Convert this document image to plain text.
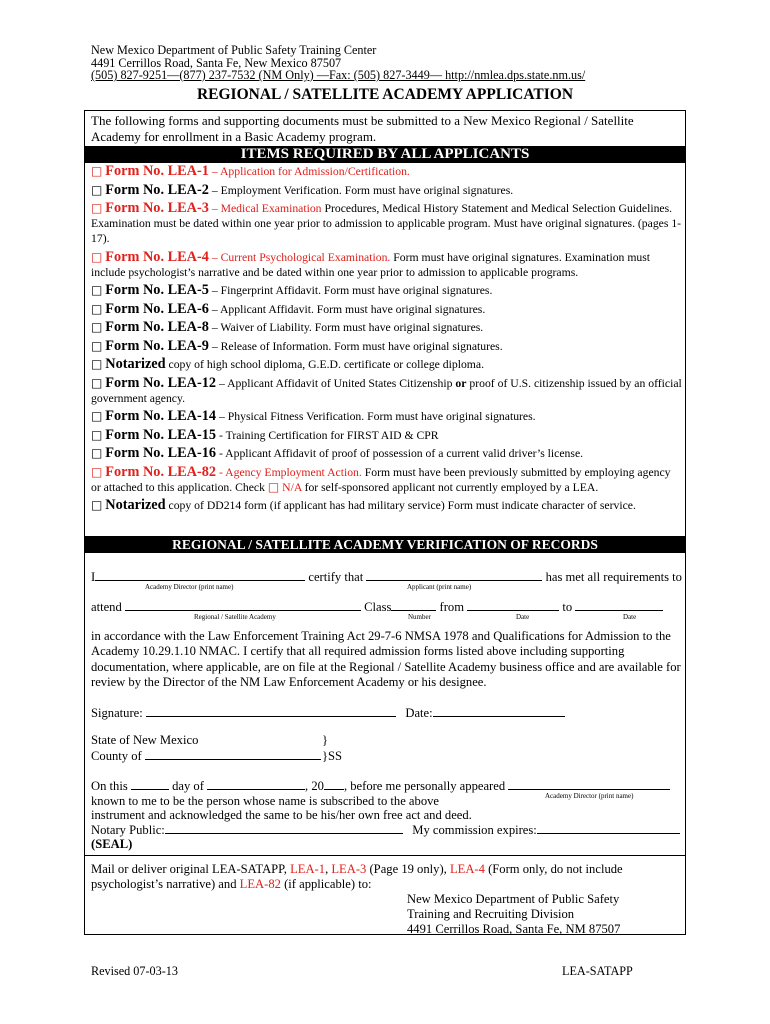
New Mexico Department of Public Safety Training Center
4491 Cerrillos Road, Santa Fe, New Mexico 87507
(505) 827-9251—(877) 237-7532 (NM Only) —Fax: (505) 827-3449— http://nmlea.dps.state.nm.us/
REGIONAL / SATELLITE ACADEMY APPLICATION
The following forms and supporting documents must be submitted to a New Mexico Regional / Satellite Academy for enrollment in a Basic Academy program.
ITEMS REQUIRED BY ALL APPLICANTS
□ Form No. LEA-1 – Application for Admission/Certification.
□ Form No. LEA-2 – Employment Verification. Form must have original signatures.
□ Form No. LEA-3 – Medical Examination Procedures, Medical History Statement and Medical Selection Guidelines. Examination must be dated within one year prior to admission to applicable program. Must have original signatures. (pages 1-17).
□ Form No. LEA-4 – Current Psychological Examination. Form must have original signatures. Examination must include psychologist’s narrative and be dated within one year prior to admission to applicable programs.
□ Form No. LEA-5 – Fingerprint Affidavit. Form must have original signatures.
□ Form No. LEA-6 – Applicant Affidavit. Form must have original signatures.
□ Form No. LEA-8 – Waiver of Liability. Form must have original signatures.
□ Form No. LEA-9 – Release of Information. Form must have original signatures.
□ Notarized copy of high school diploma, G.E.D. certificate or college diploma.
□ Form No. LEA-12 – Applicant Affidavit of United States Citizenship or proof of U.S. citizenship issued by an official government agency.
□ Form No. LEA-14 – Physical Fitness Verification. Form must have original signatures.
□ Form No. LEA-15 - Training Certification for FIRST AID & CPR
□ Form No. LEA-16 - Applicant Affidavit of proof of possession of a current valid driver’s license.
□ Form No. LEA-82 - Agency Employment Action. Form must have been previously submitted by employing agency or attached to this application. Check □ N/A for self-sponsored applicant not currently employed by a LEA.
□ Notarized copy of DD214 form (if applicant has had military service) Form must indicate character of service.
REGIONAL / SATELLITE ACADEMY VERIFICATION OF RECORDS
I	certify that	has met all requirements to
Academy Director (print name)	Applicant (print name)
attend	Class	from	to
Regional / Satellite Academy	Number	Date	Date
in accordance with the Law Enforcement Training Act 29-7-6 NMSA 1978 and Qualifications for Admission to the Academy 10.29.1.10 NMAC. I certify that all required admission forms listed above including supporting documentation, where applicable, are on file at the Regional / Satellite Academy business office and are available for review by the Director of the NM Law Enforcement Academy or his designee.
Signature:	Date:
State of New Mexico	}
County of	}SS
On this	day of	, 20 , before me personally appeared
Academy Director (print name)
known to me to be the person whose name is subscribed to the above
instrument and acknowledged the same to be his/her own free act and deed.
Notary Public:	My commission expires:
(SEAL)
Mail or deliver original LEA-SATAPP, LEA-1, LEA-3 (Page 19 only), LEA-4 (Form only, do not include psychologist’s narrative) and LEA-82 (if applicable) to:
New Mexico Department of Public Safety
Training and Recruiting Division
4491 Cerrillos Road, Santa Fe, NM 87507
Revised 07-03-13	LEA-SATAPP
